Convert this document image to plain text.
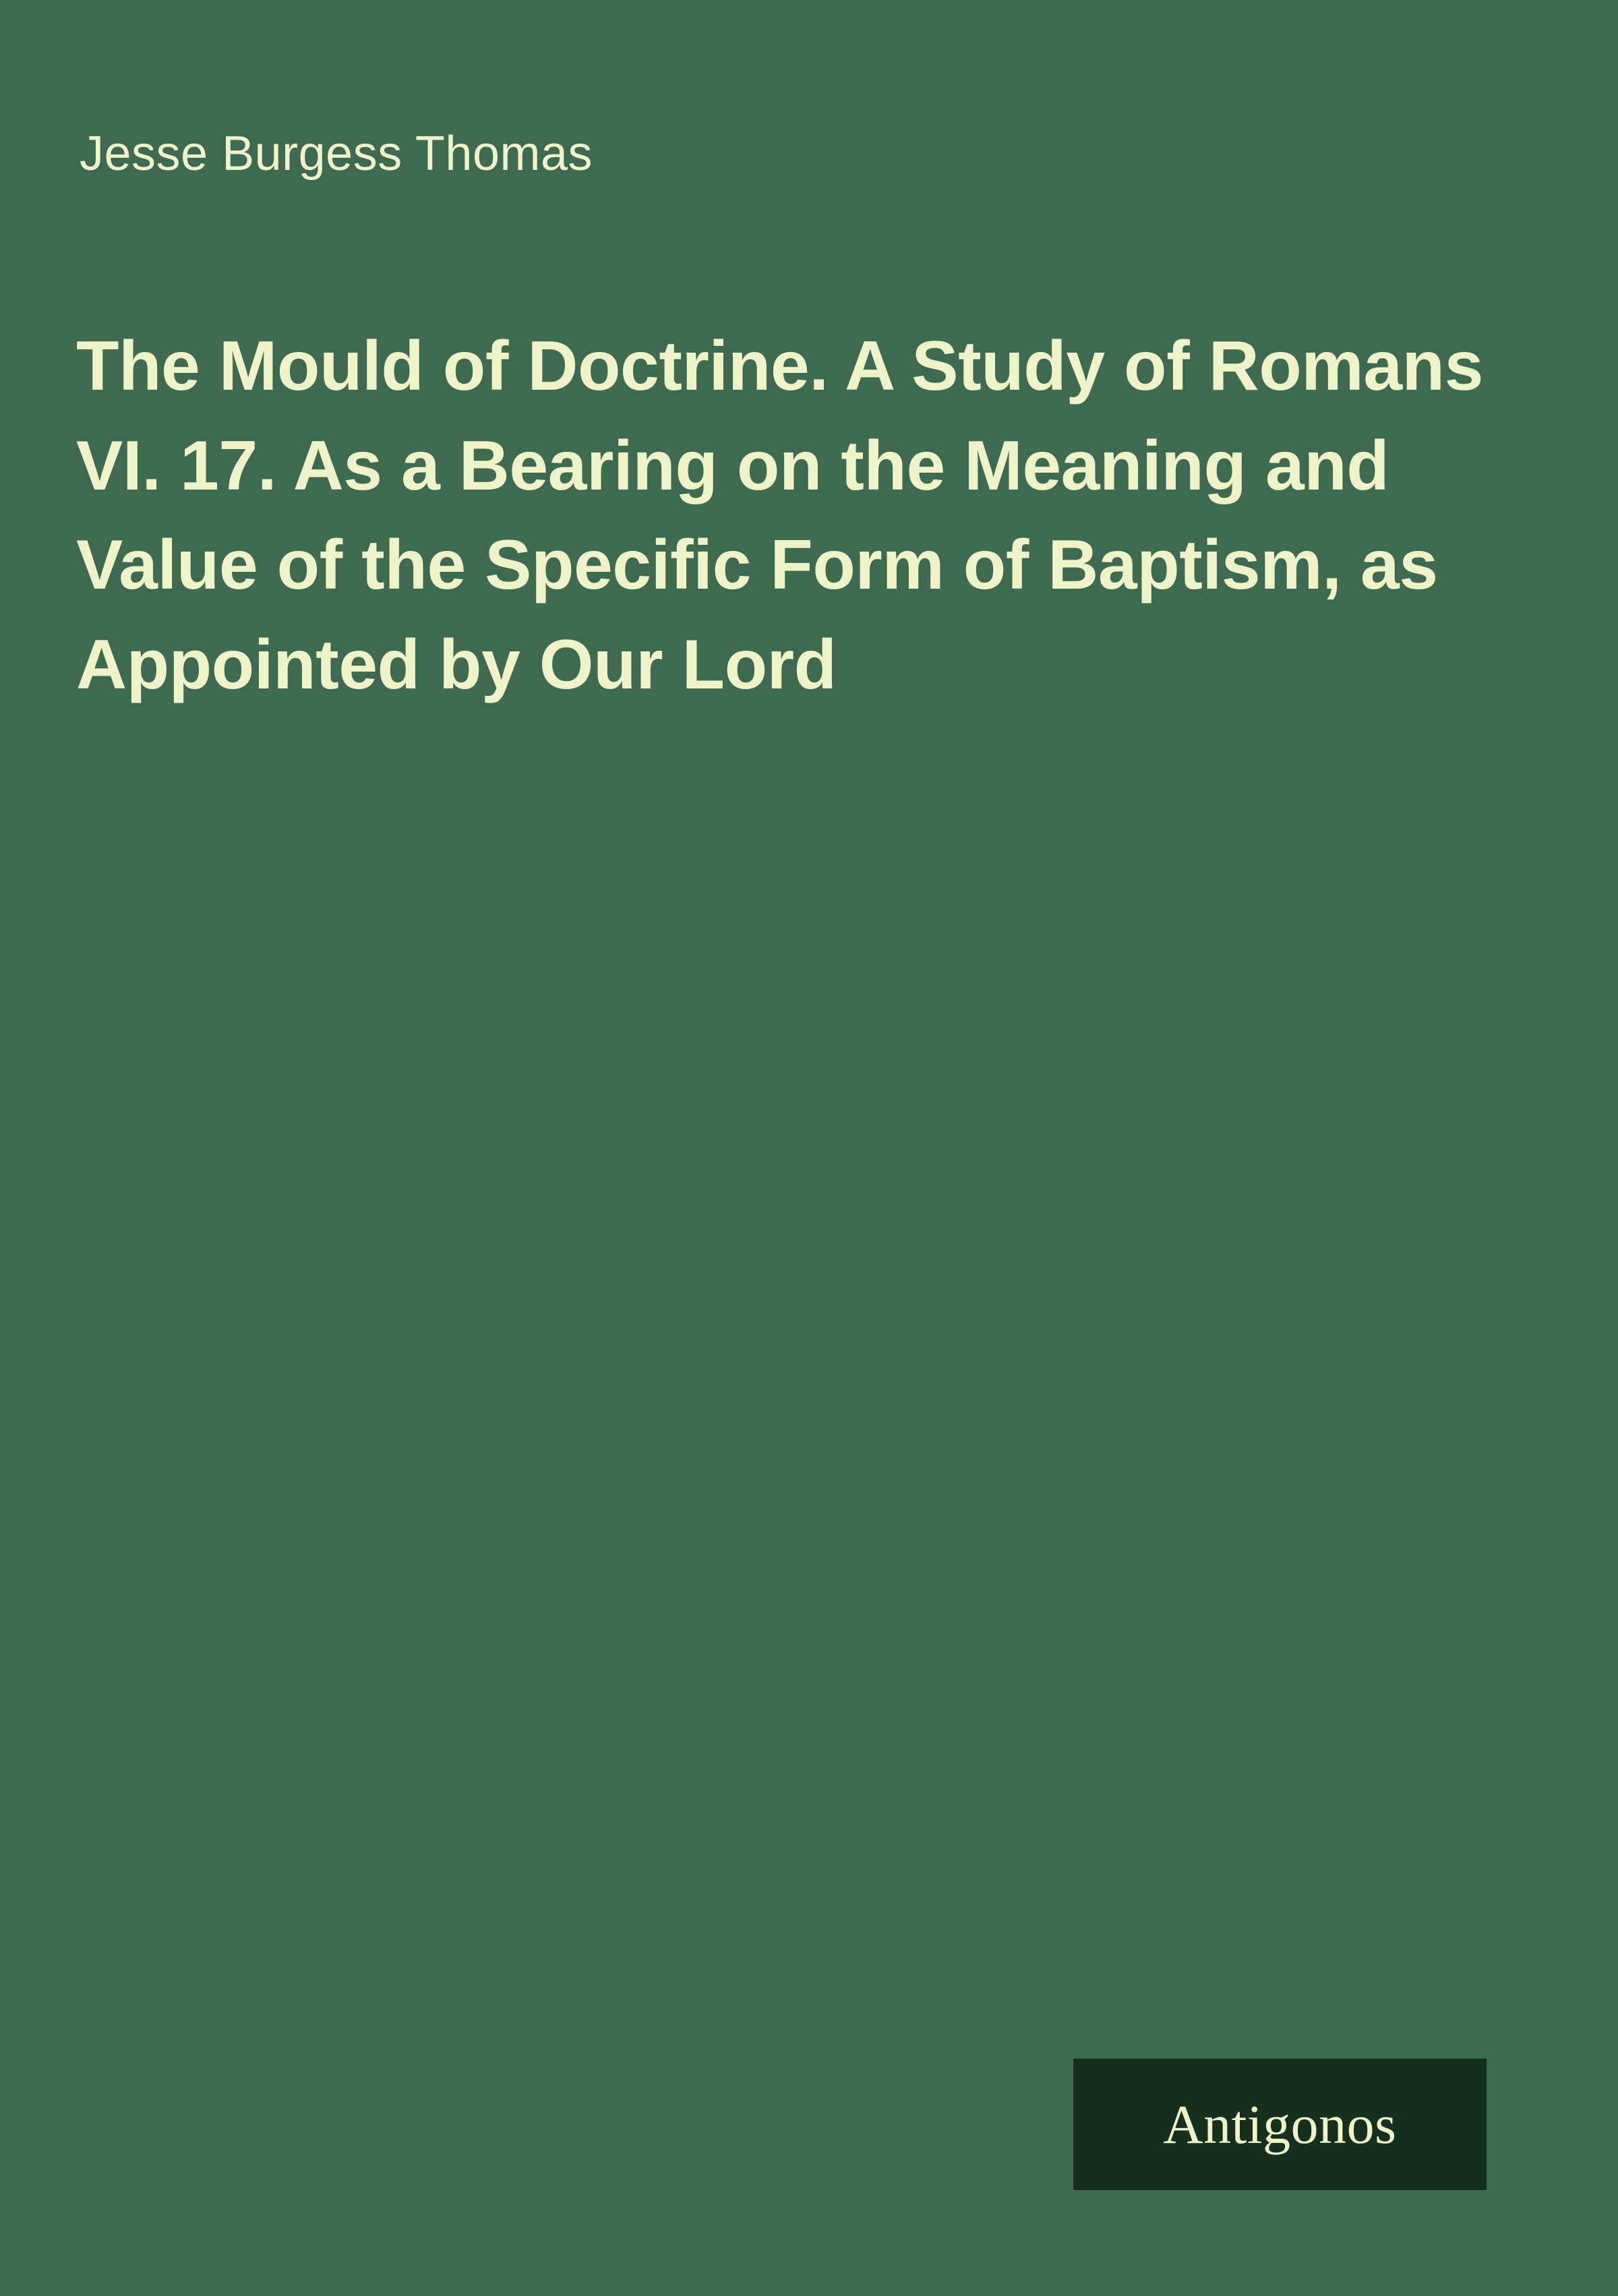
Jesse Burgess Thomas
The Mould of Doctrine. A Study of Romans VI. 17. As a Bearing on the Meaning and Value of the Specific Form of Baptism, as Appointed by Our Lord
Antigonos
